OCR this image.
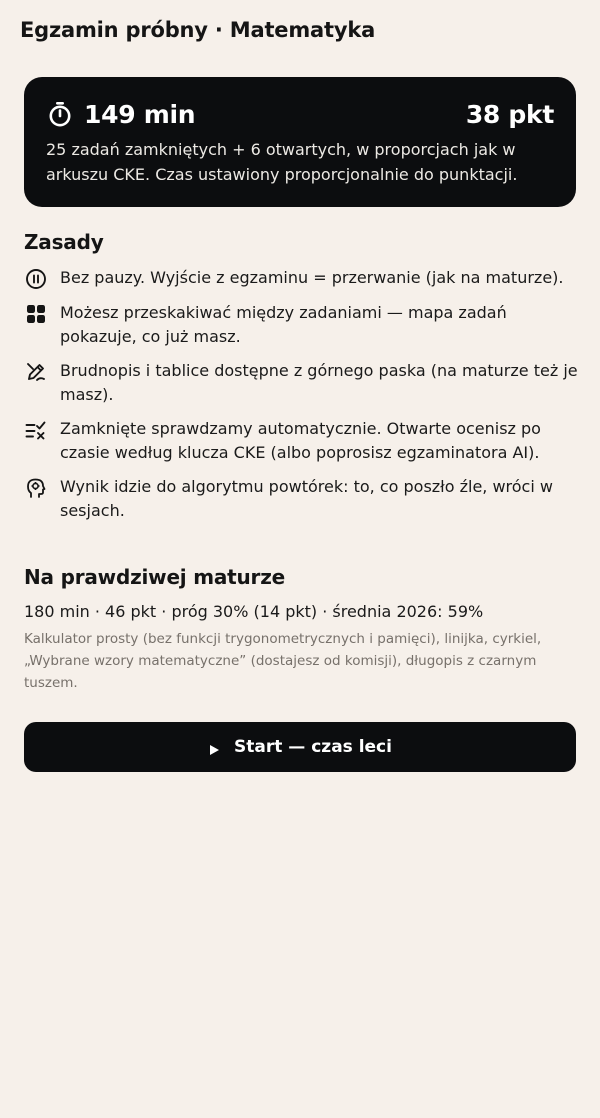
Egzamin próbny · Matematyka
149 min	38 pkt
25 zadań zamkniętych + 6 otwartych, w proporcjach jak w arkuszu CKE. Czas ustawiony proporcjonalnie do punktacji.
Zasady
Bez pauzy. Wyjście z egzaminu = przerwanie (jak na maturze).
Możesz przeskakiwać między zadaniami — mapa zadań pokazuje, co już masz.
Brudnopis i tablice dostępne z górnego paska (na maturze też je masz).
Zamknięte sprawdzamy automatycznie. Otwarte ocenisz po czasie według klucza CKE (albo poprosisz egzaminatora AI).
Wynik idzie do algorytmu powtórek: to, co poszło źle, wróci w sesjach.
Na prawdziwej maturze
180 min · 46 pkt · próg 30% (14 pkt) · średnia 2026: 59%
Kalkulator prosty (bez funkcji trygonometrycznych i pamięci), linijka, cyrkiel, „Wybrane wzory matematyczne” (dostajesz od komisji), długopis z czarnym tuszem.
Start — czas leci
